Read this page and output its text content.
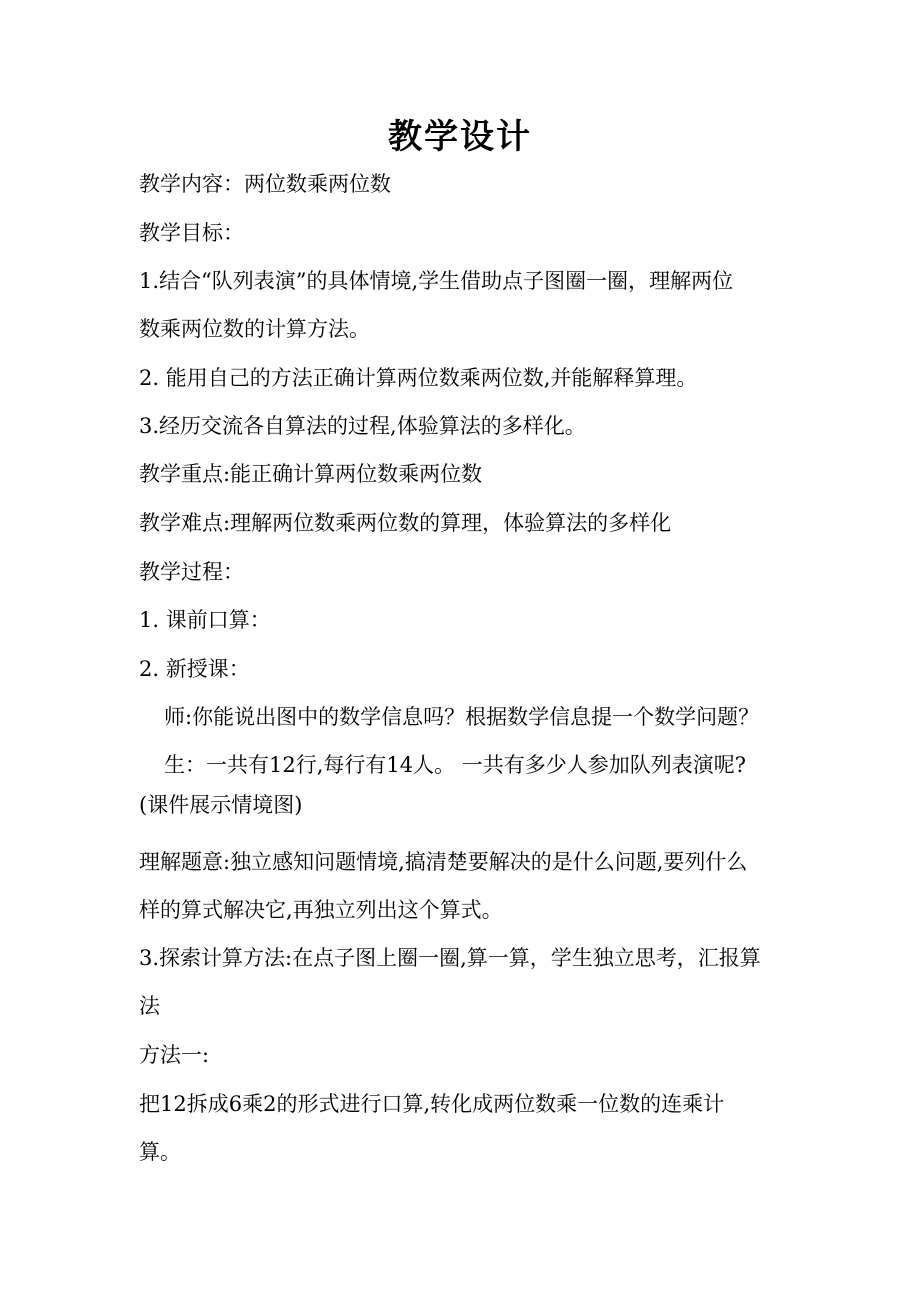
教学设计
教学内容：两位数乘两位数
教学目标：
1.结合“队列表演”的具体情境,学生借助点子图圈一圈，理解两位
数乘两位数的计算方法。
2. 能用自己的方法正确计算两位数乘两位数,并能解释算理。
3.经历交流各自算法的过程,体验算法的多样化。
教学重点:能正确计算两位数乘两位数
教学难点:理解两位数乘两位数的算理，体验算法的多样化
教学过程：
1. 课前口算：
2. 新授课：
师:你能说出图中的数学信息吗？根据数学信息提一个数学问题？
生：一共有12行,每行有14人。 一共有多少人参加队列表演呢?
(课件展示情境图)
理解题意:独立感知问题情境,搞清楚要解决的是什么问题,要列什么
样的算式解决它,再独立列出这个算式。
3.探索计算方法:在点子图上圈一圈,算一算，学生独立思考，汇报算
法
方法一:
把12拆成6乘2的形式进行口算,转化成两位数乘一位数的连乘计
算。
